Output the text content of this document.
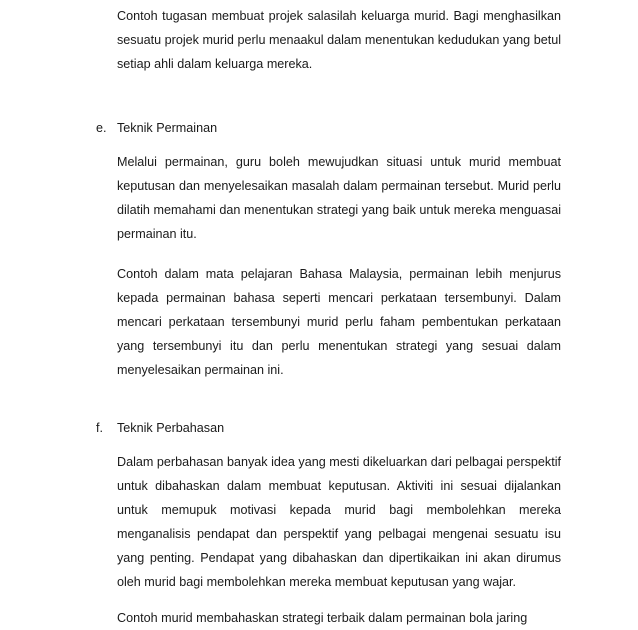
Contoh tugasan membuat projek salasilah keluarga murid. Bagi menghasilkan sesuatu projek murid perlu menaakul dalam menentukan kedudukan yang betul setiap ahli dalam keluarga mereka.

e. Teknik Permainan

Melalui permainan, guru boleh mewujudkan situasi untuk murid membuat keputusan dan menyelesaikan masalah dalam permainan tersebut. Murid perlu dilatih memahami dan menentukan strategi yang baik untuk mereka menguasai permainan itu.

Contoh dalam mata pelajaran Bahasa Malaysia, permainan lebih menjurus kepada permainan bahasa seperti mencari perkataan tersembunyi. Dalam mencari perkataan tersembunyi murid perlu faham pembentukan perkataan yang tersembunyi itu dan perlu menentukan strategi yang sesuai dalam menyelesaikan permainan ini.

f. Teknik Perbahasan

Dalam perbahasan banyak idea yang mesti dikeluarkan dari pelbagai perspektif untuk dibahaskan dalam membuat keputusan. Aktiviti ini sesuai dijalankan untuk memupuk motivasi kepada murid bagi membolehkan mereka menganalisis pendapat dan perspektif yang pelbagai mengenai sesuatu isu yang penting. Pendapat yang dibahaskan dan dipertikaikan ini akan dirumus oleh murid bagi membolehkan mereka membuat keputusan yang wajar.

Contoh murid membahaskan strategi terbaik dalam permainan bola jaring
